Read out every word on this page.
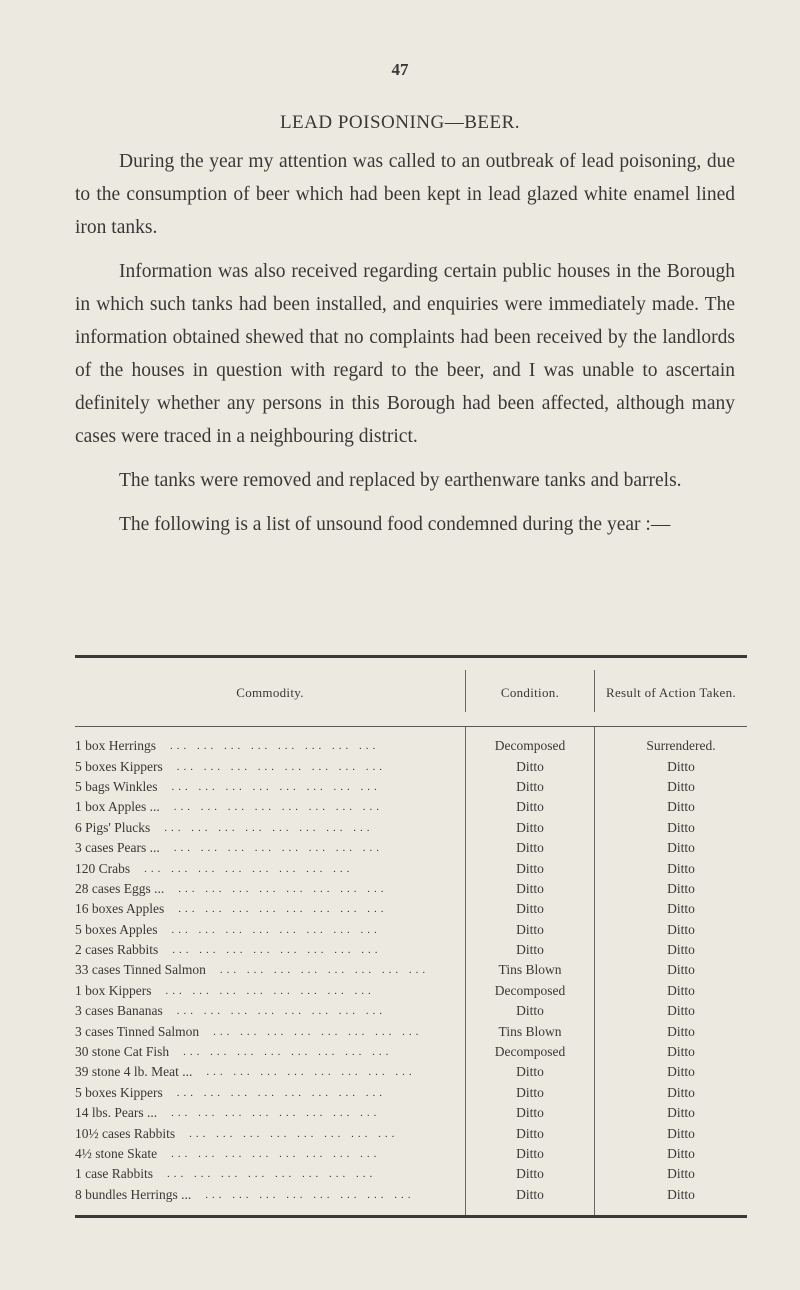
47
LEAD POISONING—BEER.

During the year my attention was called to an outbreak of lead poisoning, due to the consumption of beer which had been kept in lead glazed white enamel lined iron tanks.

Information was also received regarding certain public houses in the Borough in which such tanks had been installed, and enquiries were immediately made. The information obtained shewed that no complaints had been received by the landlords of the houses in question with regard to the beer, and I was unable to ascertain definitely whether any persons in this Borough had been affected, although many cases were traced in a neighbouring district.

The tanks were removed and replaced by earthenware tanks and barrels.

The following is a list of unsound food condemned during the year :—

Commodity.	Condition.	Result of Action Taken.
1 box Herrings ... ... ... ... ... ... ... ...	Decomposed	Surrendered.
5 boxes Kippers ... ... ... ... ... ... ... ...	Ditto	Ditto
5 bags Winkles ... ... ... ... ... ... ... ...	Ditto	Ditto
1 box Apples ... ... ... ... ... ... ... ... ...	Ditto	Ditto
6 Pigs' Plucks ... ... ... ... ... ... ... ...	Ditto	Ditto
3 cases Pears ... ... ... ... ... ... ... ... ...	Ditto	Ditto
120 Crabs ... ... ... ... ... ... ... ...	Ditto	Ditto
28 cases Eggs ... ... ... ... ... ... ... ... ...	Ditto	Ditto
16 boxes Apples ... ... ... ... ... ... ... ...	Ditto	Ditto
5 boxes Apples ... ... ... ... ... ... ... ...	Ditto	Ditto
2 cases Rabbits ... ... ... ... ... ... ... ...	Ditto	Ditto
33 cases Tinned Salmon ... ... ... ... ... ... ... ...	Tins Blown	Ditto
1 box Kippers ... ... ... ... ... ... ... ...	Decomposed	Ditto
3 cases Bananas ... ... ... ... ... ... ... ...	Ditto	Ditto
3 cases Tinned Salmon ... ... ... ... ... ... ... ...	Tins Blown	Ditto
30 stone Cat Fish ... ... ... ... ... ... ... ...	Decomposed	Ditto
39 stone 4 lb. Meat ... ... ... ... ... ... ... ... ...	Ditto	Ditto
5 boxes Kippers ... ... ... ... ... ... ... ...	Ditto	Ditto
14 lbs. Pears ... ... ... ... ... ... ... ... ...	Ditto	Ditto
10½ cases Rabbits ... ... ... ... ... ... ... ...	Ditto	Ditto
4½ stone Skate ... ... ... ... ... ... ... ...	Ditto	Ditto
1 case Rabbits ... ... ... ... ... ... ... ...	Ditto	Ditto
8 bundles Herrings ... ... ... ... ... ... ... ... ...	Ditto	Ditto
